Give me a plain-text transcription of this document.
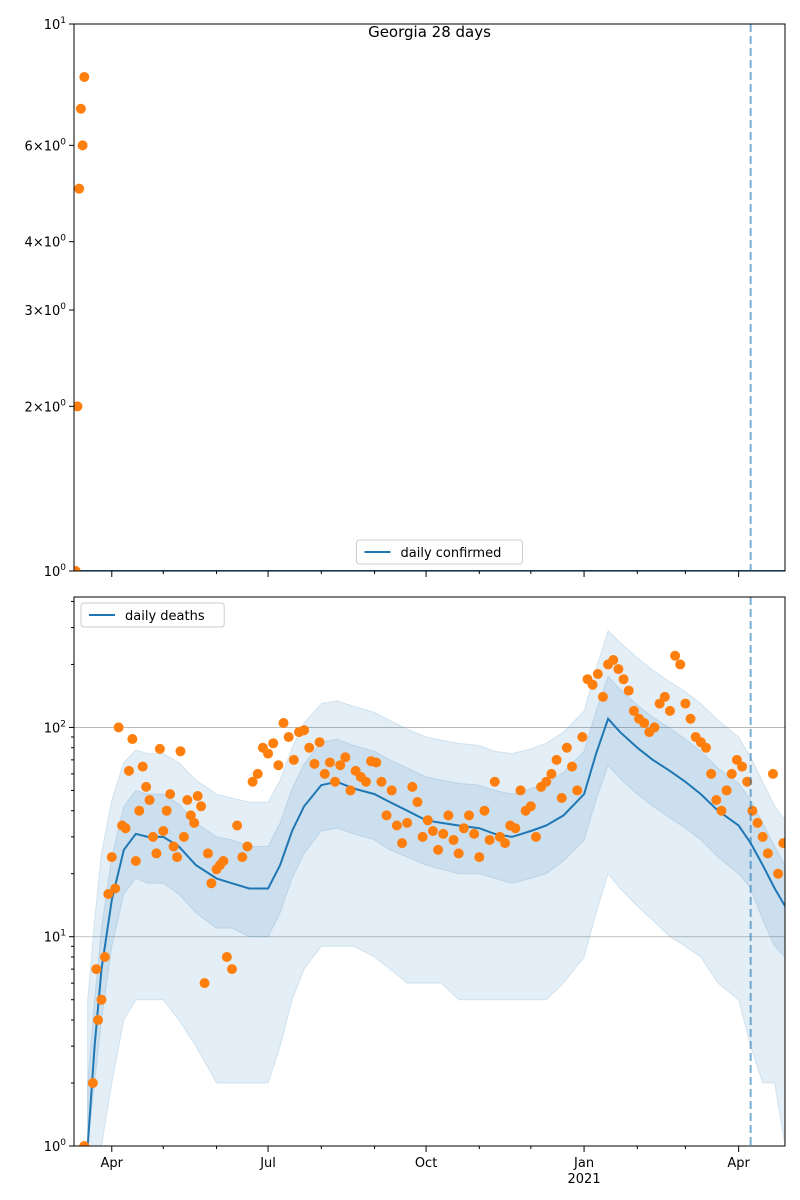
$10^0$
$2\times 10^0$
$3\times 10^0$
$4\times 10^0$
$6\times 10^0$
$10^1$
daily confirmed
Georgia 28 days
$10^0$
$10^1$
$10^2$
Apr	Jul	Oct	Jan	Apr
2021
daily deaths
